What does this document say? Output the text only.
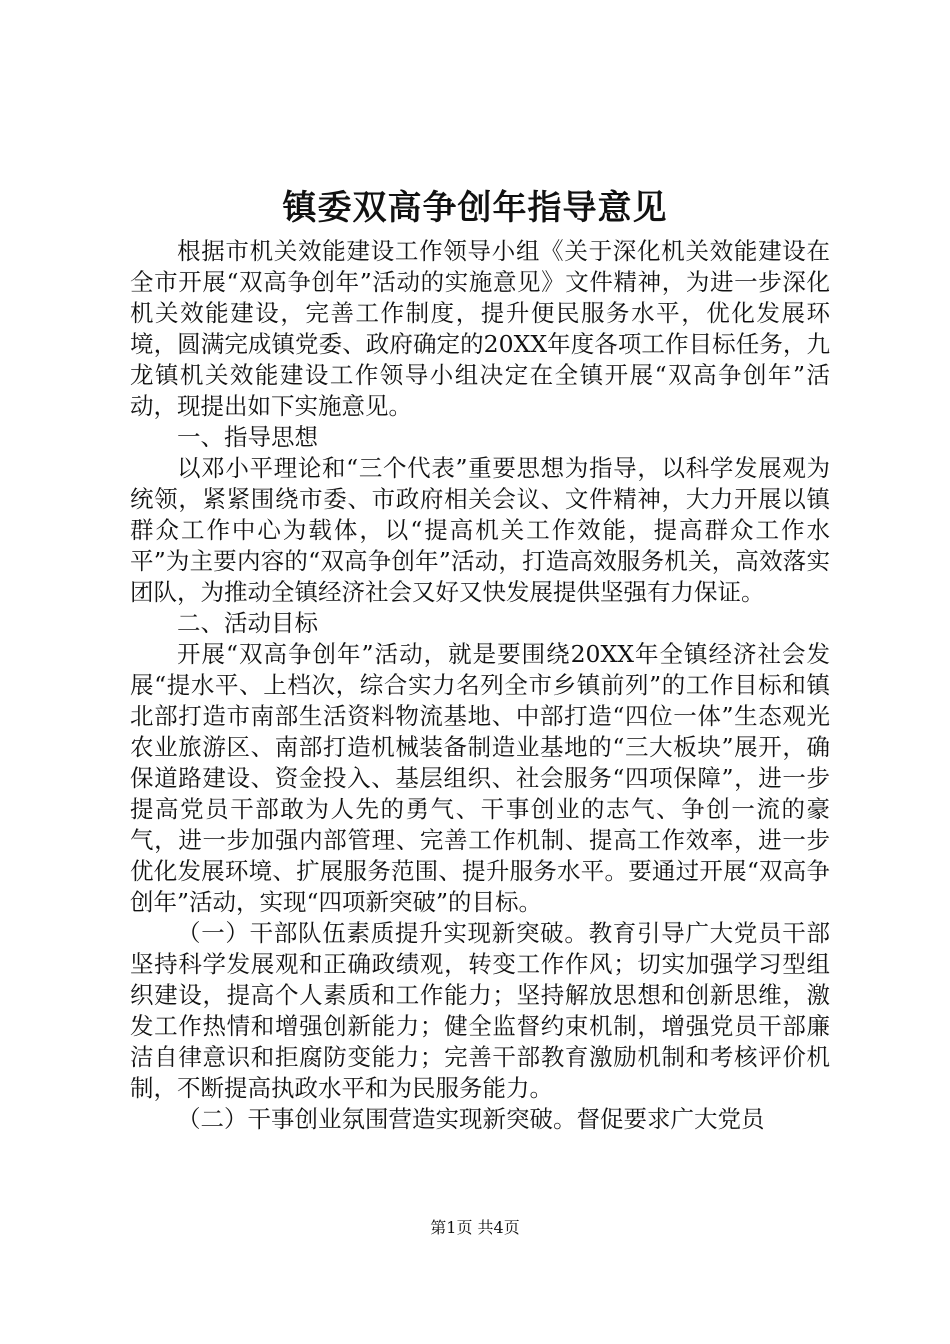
镇委双高争创年指导意见

根据市机关效能建设工作领导小组《关于深化机关效能建设在全市开展“双高争创年”活动的实施意见》文件精神，为进一步深化机关效能建设，完善工作制度，提升便民服务水平，优化发展环境，圆满完成镇党委、政府确定的20XX年度各项工作目标任务，九龙镇机关效能建设工作领导小组决定在全镇开展“双高争创年”活动，现提出如下实施意见。

一、指导思想

以邓小平理论和“三个代表”重要思想为指导，以科学发展观为统领，紧紧围绕市委、市政府相关会议、文件精神，大力开展以镇群众工作中心为载体，以“提高机关工作效能，提高群众工作水平”为主要内容的“双高争创年”活动，打造高效服务机关，高效落实团队，为推动全镇经济社会又好又快发展提供坚强有力保证。

二、活动目标

开展“双高争创年”活动，就是要围绕20XX年全镇经济社会发展“提水平、上档次，综合实力名列全市乡镇前列”的工作目标和镇北部打造市南部生活资料物流基地、中部打造“四位一体”生态观光农业旅游区、南部打造机械装备制造业基地的“三大板块”展开，确保道路建设、资金投入、基层组织、社会服务“四项保障”，进一步提高党员干部敢为人先的勇气、干事创业的志气、争创一流的豪气，进一步加强内部管理、完善工作机制、提高工作效率，进一步优化发展环境、扩展服务范围、提升服务水平。要通过开展“双高争创年”活动，实现“四项新突破”的目标。

（一）干部队伍素质提升实现新突破。教育引导广大党员干部坚持科学发展观和正确政绩观，转变工作作风；切实加强学习型组织建设，提高个人素质和工作能力；坚持解放思想和创新思维，激发工作热情和增强创新能力；健全监督约束机制，增强党员干部廉洁自律意识和拒腐防变能力；完善干部教育激励机制和考核评价机制，不断提高执政水平和为民服务能力。

（二）干事创业氛围营造实现新突破。督促要求广大党员

第1页 共4页
